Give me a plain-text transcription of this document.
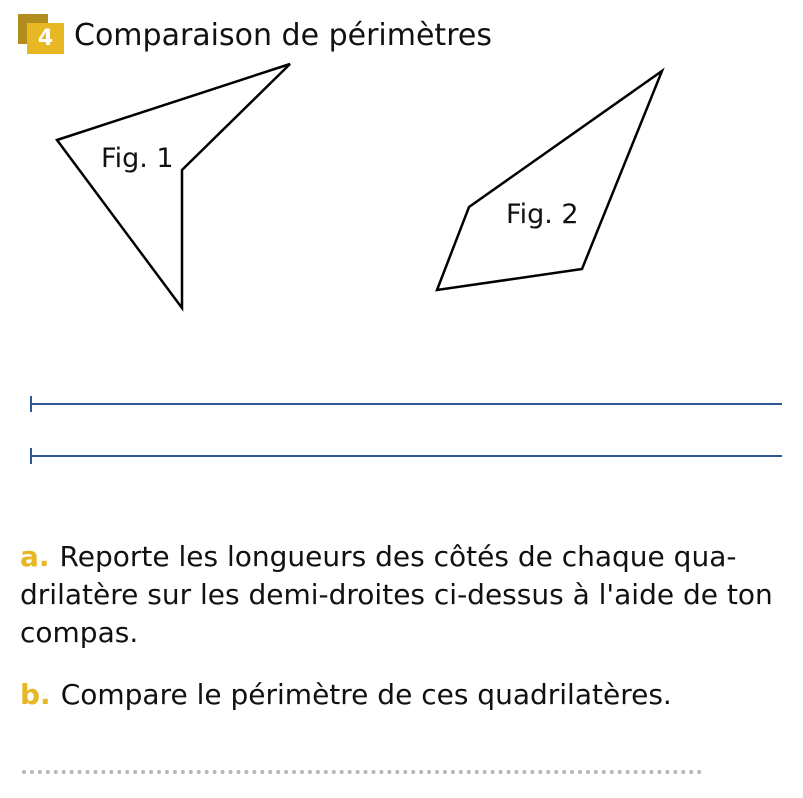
4 Comparaison de périmètres
Fig. 1
Fig. 2
a. Reporte les longueurs des côtés de chaque qua-drilatère sur les demi-droites ci-dessus à l'aide de ton compas.
b. Compare le périmètre de ces quadrilatères.
